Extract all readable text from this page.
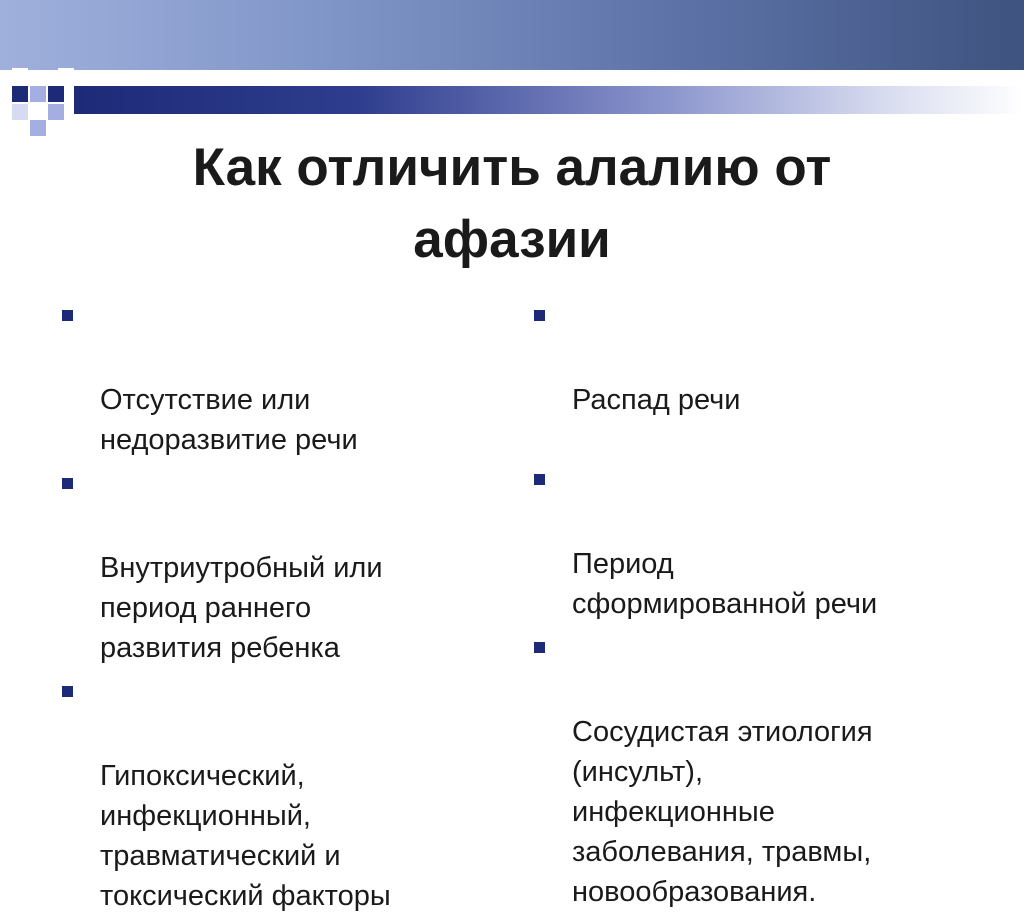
Как отличить алалию от
афазии

Отсутствие или
недоразвитие речи

Внутриутробный или
период раннего
развития ребенка

Гипоксический,
инфекционный,
травматический и
токсический факторы

Распад речи

Период
сформированной речи

Сосудистая этиология
(инсульт),
инфекционные
заболевания, травмы,
новообразования.
